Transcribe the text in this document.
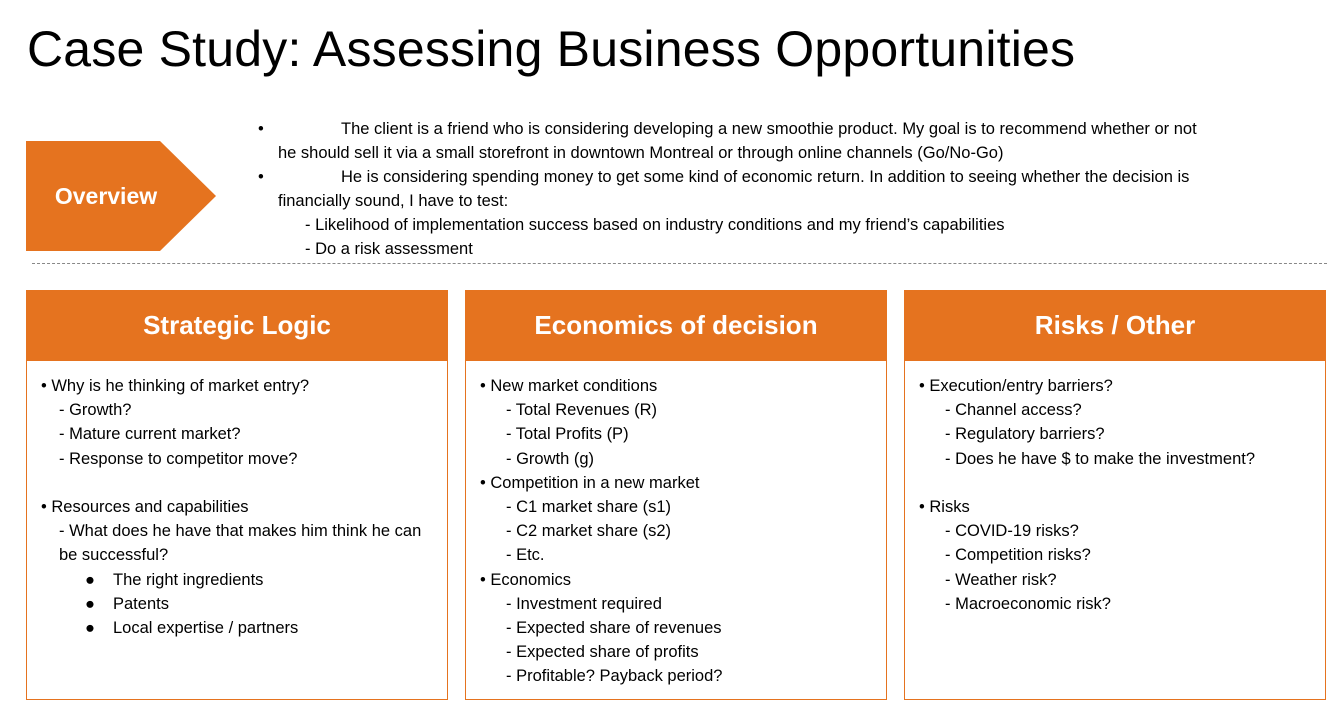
Case Study: Assessing Business Opportunities
Overview
•	The client is a friend who is considering developing a new smoothie product. My goal is to recommend whether or not
he should sell it via a small storefront in downtown Montreal or through online channels (Go/No-Go)
•	He is considering spending money to get some kind of economic return. In addition to seeing whether the decision is
financially sound, I have to test:
- Likelihood of implementation success based on industry conditions and my friend’s capabilities
- Do a risk assessment
Strategic Logic
• Why is he thinking of market entry?
- Growth?
- Mature current market?
- Response to competitor move?
• Resources and capabilities
- What does he have that makes him think he can be successful?
● The right ingredients
● Patents
● Local expertise / partners
Economics of decision
• New market conditions
- Total Revenues (R)
- Total Profits (P)
- Growth (g)
• Competition in a new market
- C1 market share (s1)
- C2 market share (s2)
- Etc.
• Economics
- Investment required
- Expected share of revenues
- Expected share of profits
- Profitable? Payback period?
Risks / Other
• Execution/entry barriers?
- Channel access?
- Regulatory barriers?
- Does he have $ to make the investment?
• Risks
- COVID-19 risks?
- Competition risks?
- Weather risk?
- Macroeconomic risk?
